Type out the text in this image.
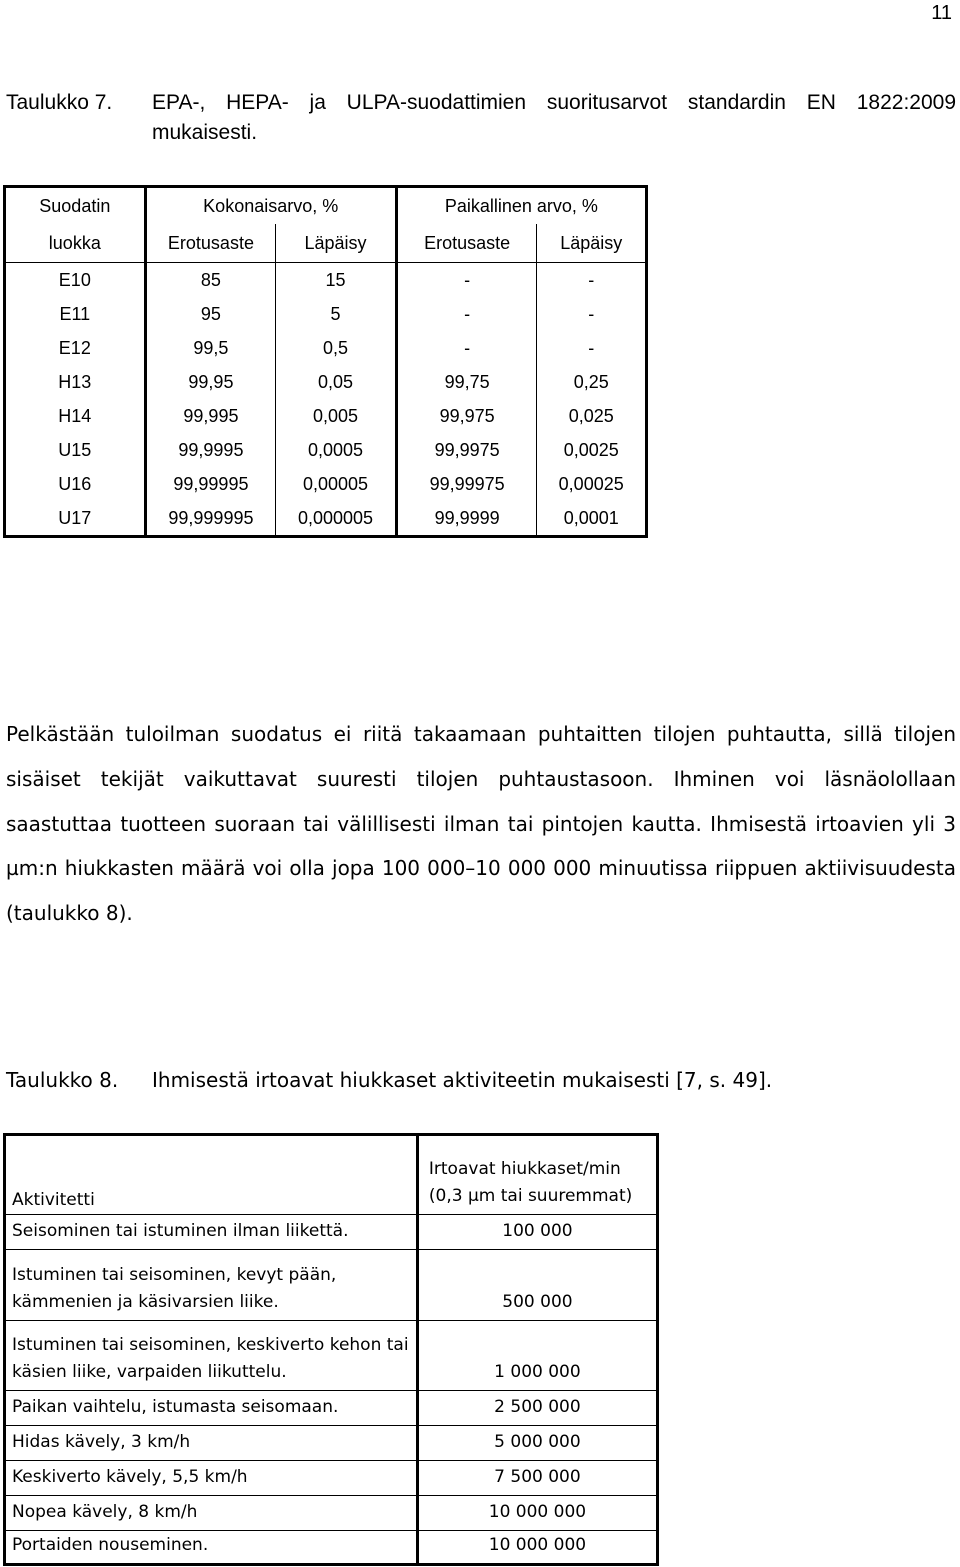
11
Taulukko 7. EPA-, HEPA- ja ULPA-suodattimien suoritusarvot standardin EN 1822:2009 mukaisesti.
Suodatin	Kokonaisarvo, %		Paikallinen arvo, %	
luokka	Erotusaste	Läpäisy	Erotusaste	Läpäisy
E10	85	15	-	-
E11	95	5	-	-
E12	99,5	0,5	-	-
H13	99,95	0,05	99,75	0,25
H14	99,995	0,005	99,975	0,025
U15	99,9995	0,0005	99,9975	0,0025
U16	99,99995	0,00005	99,99975	0,00025
U17	99,999995	0,000005	99,9999	0,0001

Pelkästään tuloilman suodatus ei riitä takaamaan puhtaitten tilojen puhtautta, sillä tilojen sisäiset tekijät vaikuttavat suuresti tilojen puhtaustasoon. Ihminen voi läsnäolollaan saastuttaa tuotteen suoraan tai välillisesti ilman tai pintojen kautta. Ihmisestä irtoavien yli 3 µm:n hiukkasten määrä voi olla jopa 100 000–10 000 000 minuutissa riippuen aktiivisuudesta (taulukko 8).

Taulukko 8. Ihmisestä irtoavat hiukkaset aktiviteetin mukaisesti [7, s. 49].
Aktivitetti	Irtoavat hiukkaset/min
(0,3 µm tai suuremmat)

Seisominen tai istuminen ilman liikettä.	100 000
Istuminen tai seisominen, kevyt pään, kämmenien ja käsivarsien liike.	500 000
Istuminen tai seisominen, keskiverto kehon tai käsien liike, varpaiden liikuttelu.	1 000 000
Paikan vaihtelu, istumasta seisomaan.	2 500 000
Hidas kävely, 3 km/h	5 000 000
Keskiverto kävely, 5,5 km/h	7 500 000
Nopea kävely, 8 km/h	10 000 000
Portaiden nouseminen.	10 000 000
